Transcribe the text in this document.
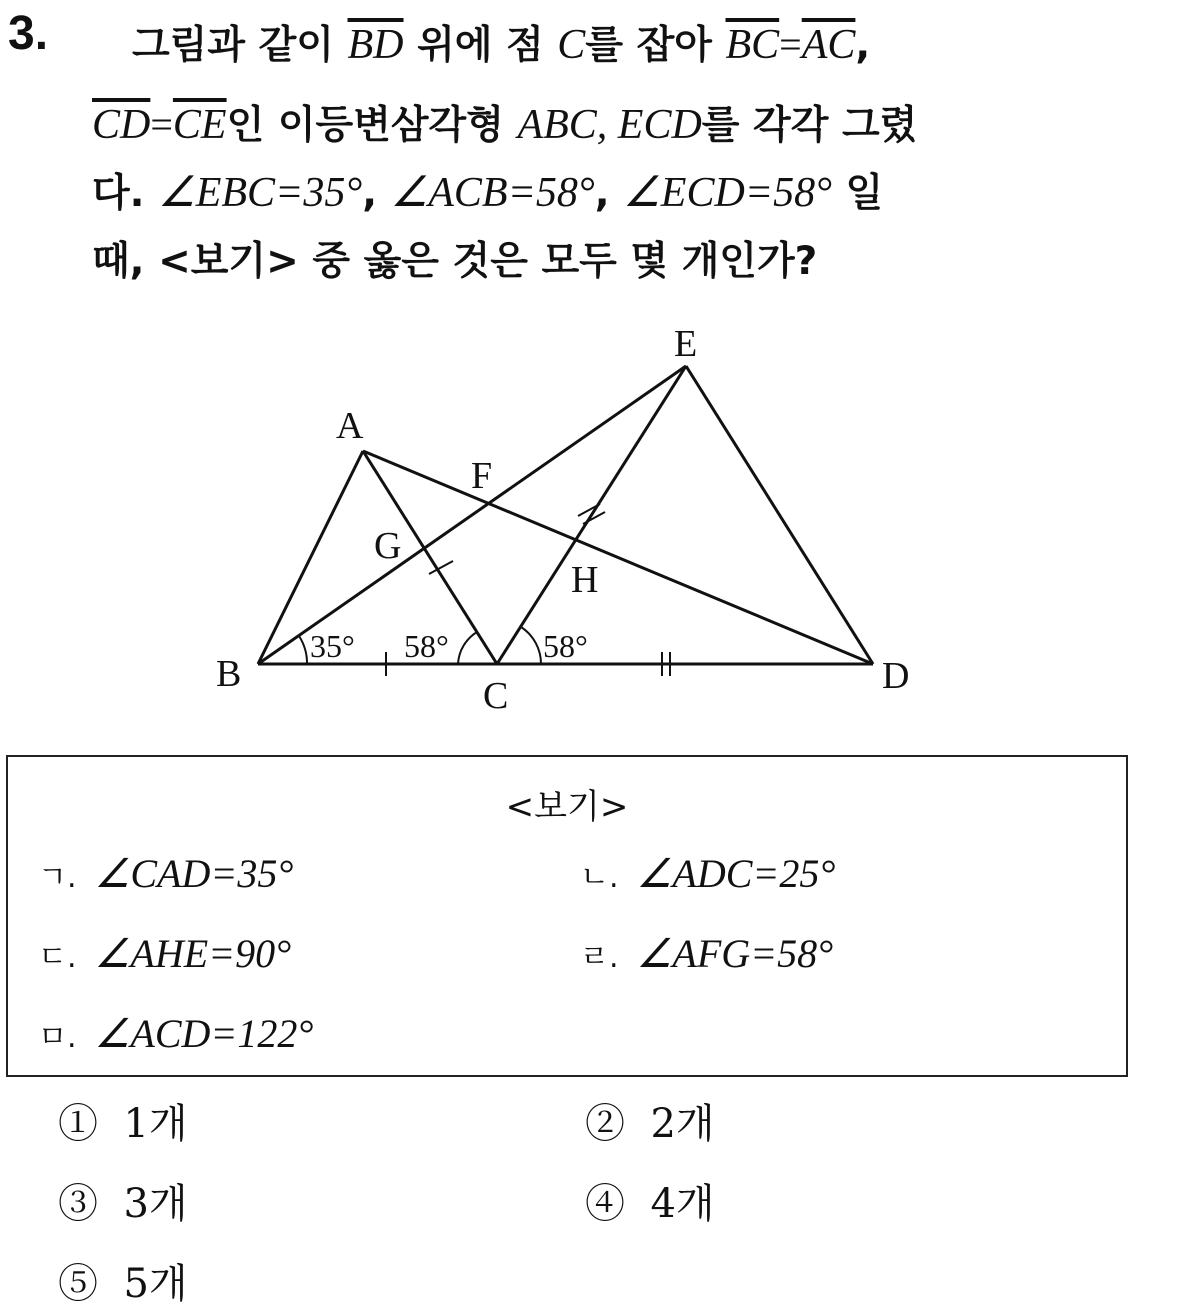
3. 그림과 같이 $\overline{BD}$ 위에 점 C를 잡아 $\overline{BC}=\overline{AC}$,
$\overline{CD}=\overline{CE}$인 이등변삼각형 ABC, ECD를 각각 그렸
다. ∠EBC=35°, ∠ACB=58°, ∠ECD=58° 일
때, <보기> 중 옳은 것은 모두 몇 개인가?
A
B
C	D
E
F
G
H
35° 58°	58°
<보기>
ㄱ. ∠CAD=35°	ㄴ. ∠ADC=25°
ㄷ. ∠AHE=90°	ㄹ. ∠AFG=58°
ㅁ. ∠ACD=122°
① 1개	② 2개
③ 3개	④ 4개
⑤ 5개
